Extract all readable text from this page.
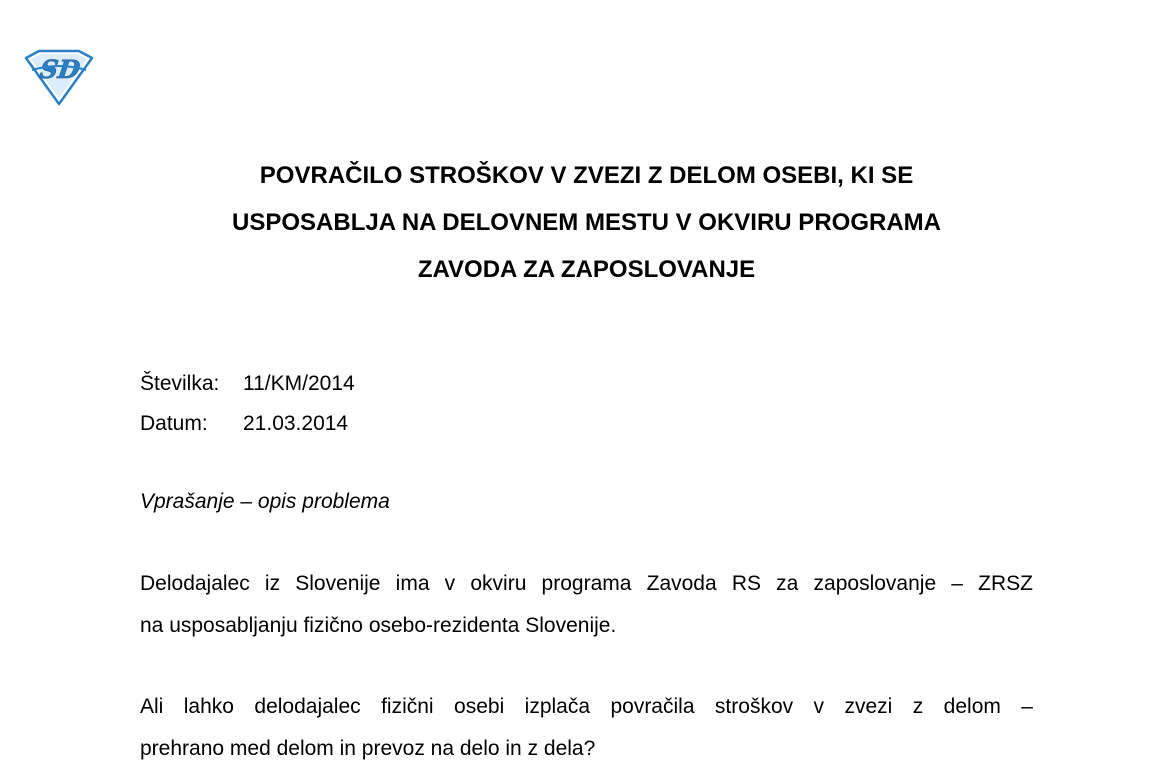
SD
POVRAČILO STROŠKOV V ZVEZI Z DELOM OSEBI, KI SE
USPOSABLJA NA DELOVNEM MESTU V OKVIRU PROGRAMA
ZAVODA ZA ZAPOSLOVANJE
Številka:	11/KM/2014
Datum:	21.03.2014
Vprašanje – opis problema
Delodajalec iz Slovenije ima v okviru programa Zavoda RS za zaposlovanje – ZRSZ
na usposabljanju fizično osebo-rezidenta Slovenije.
Ali lahko delodajalec fizični osebi izplača povračila stroškov v zvezi z delom –
prehrano med delom in prevoz na delo in z dela?
